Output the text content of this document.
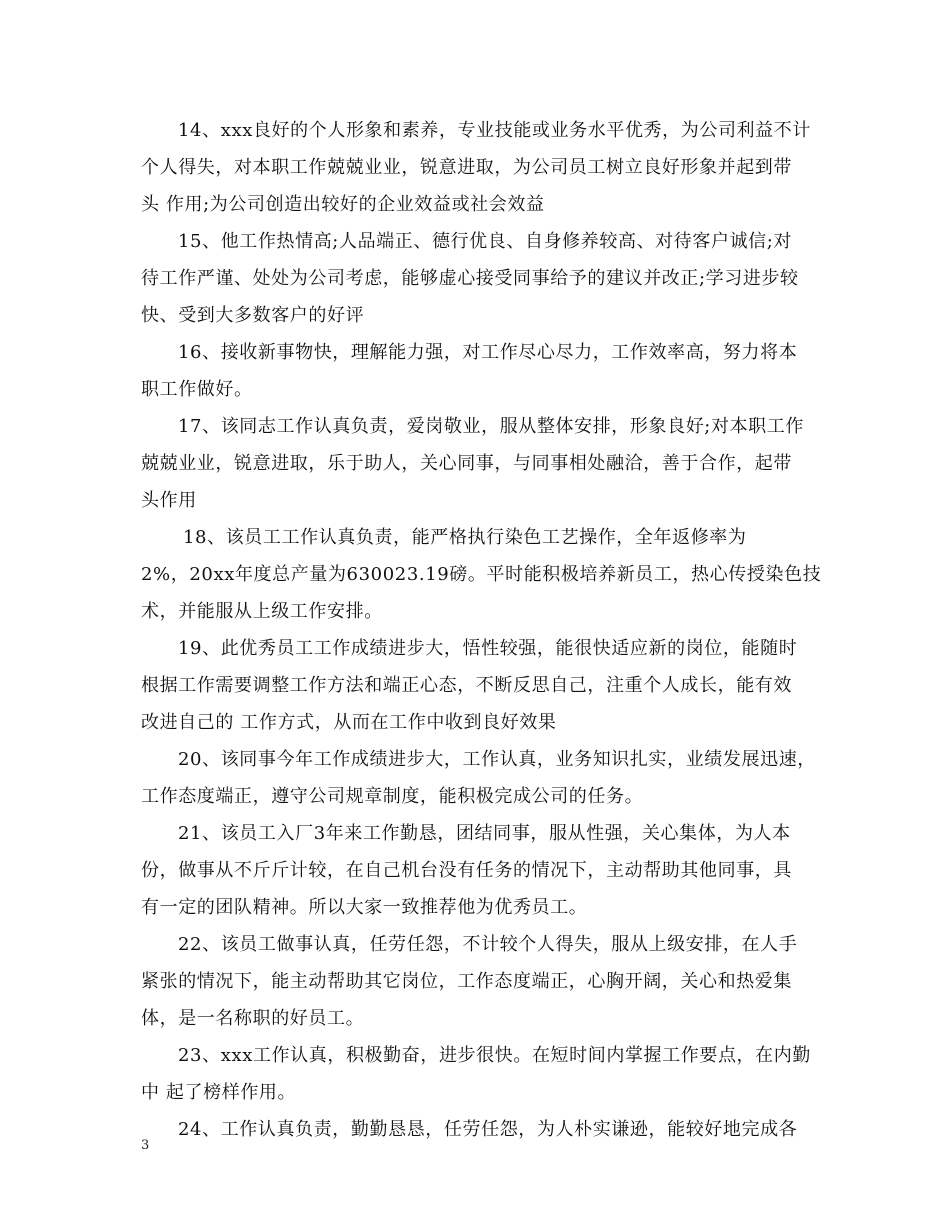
14、xxx良好的个人形象和素养，专业技能或业务水平优秀，为公司利益不计
个人得失，对本职工作兢兢业业，锐意进取，为公司员工树立良好形象并起到带
头 作用;为公司创造出较好的企业效益或社会效益
15、他工作热情高;人品端正、德行优良、自身修养较高、对待客户诚信;对
待工作严谨、处处为公司考虑，能够虚心接受同事给予的建议并改正;学习进步较
快、受到大多数客户的好评
16、接收新事物快，理解能力强，对工作尽心尽力，工作效率高，努力将本
职工作做好。
17、该同志工作认真负责，爱岗敬业，服从整体安排，形象良好;对本职工作
兢兢业业，锐意进取，乐于助人，关心同事，与同事相处融洽，善于合作，起带
头作用
18、该员工工作认真负责，能严格执行染色工艺操作，全年返修率为
2%，20xx年度总产量为630023.19磅。平时能积极培养新员工，热心传授染色技
术，并能服从上级工作安排。
19、此优秀员工工作成绩进步大，悟性较强，能很快适应新的岗位，能随时
根据工作需要调整工作方法和端正心态，不断反思自己，注重个人成长，能有效
改进自己的 工作方式，从而在工作中收到良好效果
20、该同事今年工作成绩进步大，工作认真，业务知识扎实，业绩发展迅速，
工作态度端正，遵守公司规章制度，能积极完成公司的任务。
21、该员工入厂3年来工作勤恳，团结同事，服从性强，关心集体，为人本
份，做事从不斤斤计较，在自己机台没有任务的情况下，主动帮助其他同事，具
有一定的团队精神。所以大家一致推荐他为优秀员工。
22、该员工做事认真，任劳任怨，不计较个人得失，服从上级安排，在人手
紧张的情况下，能主动帮助其它岗位，工作态度端正，心胸开阔，关心和热爱集
体，是一名称职的好员工。
23、xxx工作认真，积极勤奋，进步很快。在短时间内掌握工作要点，在内勤
中 起了榜样作用。
24、工作认真负责，勤勤恳恳，任劳任怨，为人朴实谦逊，能较好地完成各
3
